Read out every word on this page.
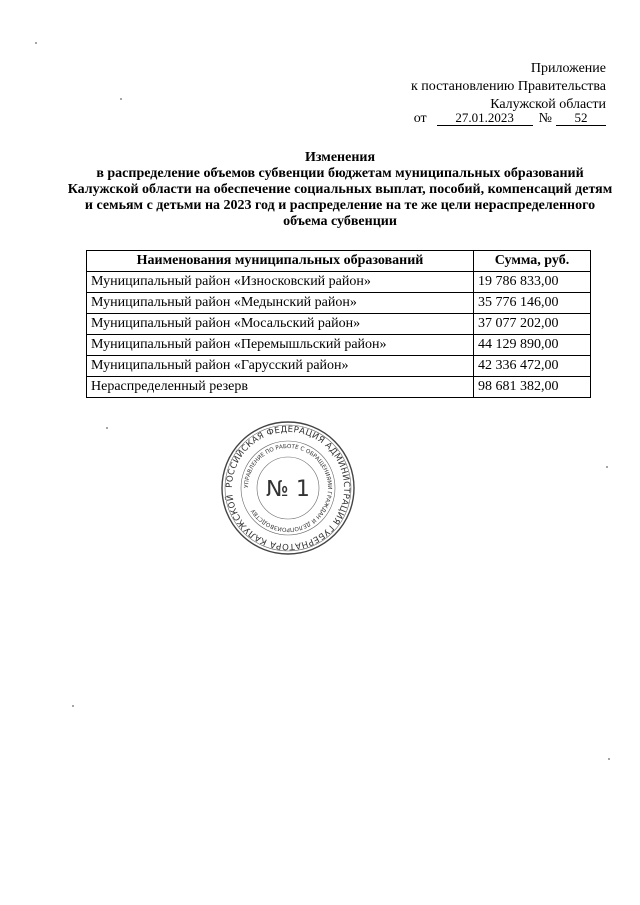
Приложение
к постановлению Правительства
Калужской области
от 27.01.2023 № 52
Изменения
в распределение объемов субвенции бюджетам муниципальных образований
Калужской области на обеспечение социальных выплат, пособий, компенсаций детям
и семьям с детьми на 2023 год и распределение на те же цели нераспределенного
объема субвенции
Наименования муниципальных образований	Сумма, руб.
Муниципальный район «Износковский район»	19 786 833,00
Муниципальный район «Медынский район»	35 776 146,00
Муниципальный район «Мосальский район»	37 077 202,00
Муниципальный район «Перемышльский район»	44 129 890,00
Муниципальный район «Гарусский район»	42 336 472,00
Нераспределенный резерв	98 681 382,00
РОССИЙСКАЯ ФЕДЕРАЦИЯ АДМИНИСТРАЦИЯ ГУБЕРНАТОРА КАЛУЖСКОЙ
УПРАВЛЕНИЕ ПО РАБОТЕ С ОБРАЩЕНИЯМИ ГРАЖДАН И ДЕЛОПРОИЗВОДСТВУ
№ 1
